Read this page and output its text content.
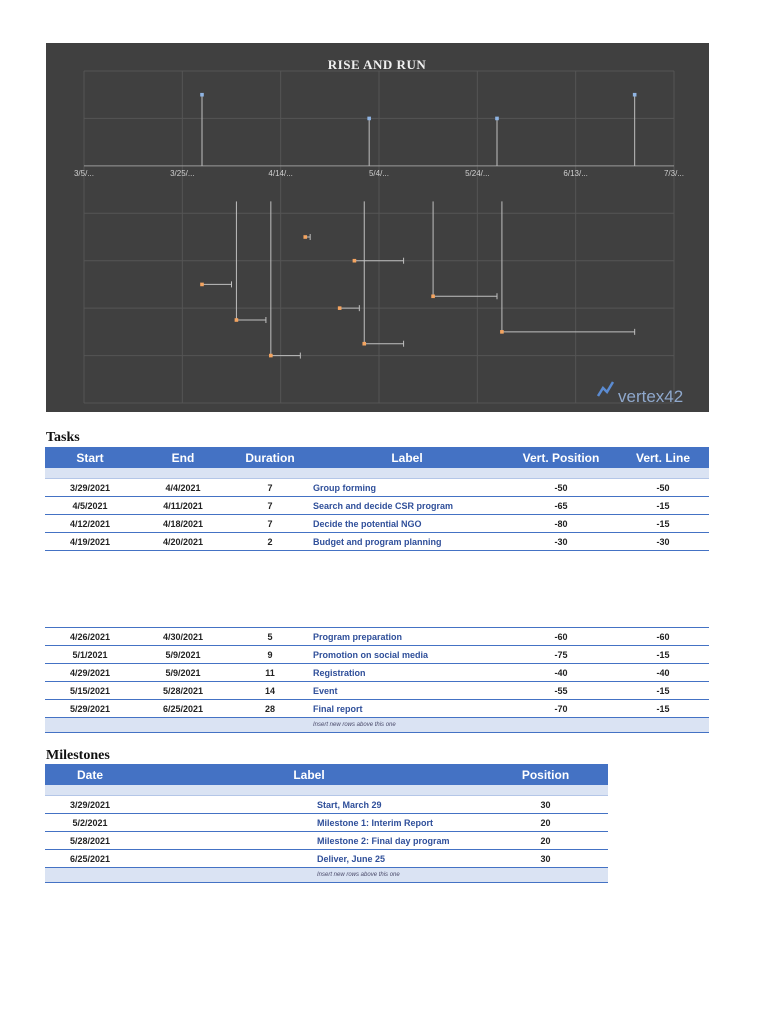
RISE AND RUN
3/5/...	3/25/...	4/14/...	5/4/...	5/24/...	6/13/...	7/3/...
vertex42
Tasks
Start	End	Duration	Label	Vert. Position	Vert. Line

3/29/2021	4/4/2021	7	Group forming	-50	-50
4/5/2021	4/11/2021	7	Search and decide CSR program	-65	-15
4/12/2021	4/18/2021	7	Decide the potential NGO	-80	-15
4/19/2021	4/20/2021	2	Budget and program planning	-30	-30
4/26/2021	4/30/2021	5	Program preparation	-60	-60
5/1/2021	5/9/2021	9	Promotion on social media	-75	-15
4/29/2021	5/9/2021	11	Registration	-40	-40
5/15/2021	5/28/2021	14	Event	-55	-15
5/29/2021	6/25/2021	28	Final report	-70	-15
			Insert new rows above this one		
Milestones
Date	Label		Position

3/29/2021		Start, March 29	30
5/2/2021		Milestone 1: Interim Report	20
5/28/2021		Milestone 2: Final day program	20
6/25/2021		Deliver, June 25	30
		Insert new rows above this one	
